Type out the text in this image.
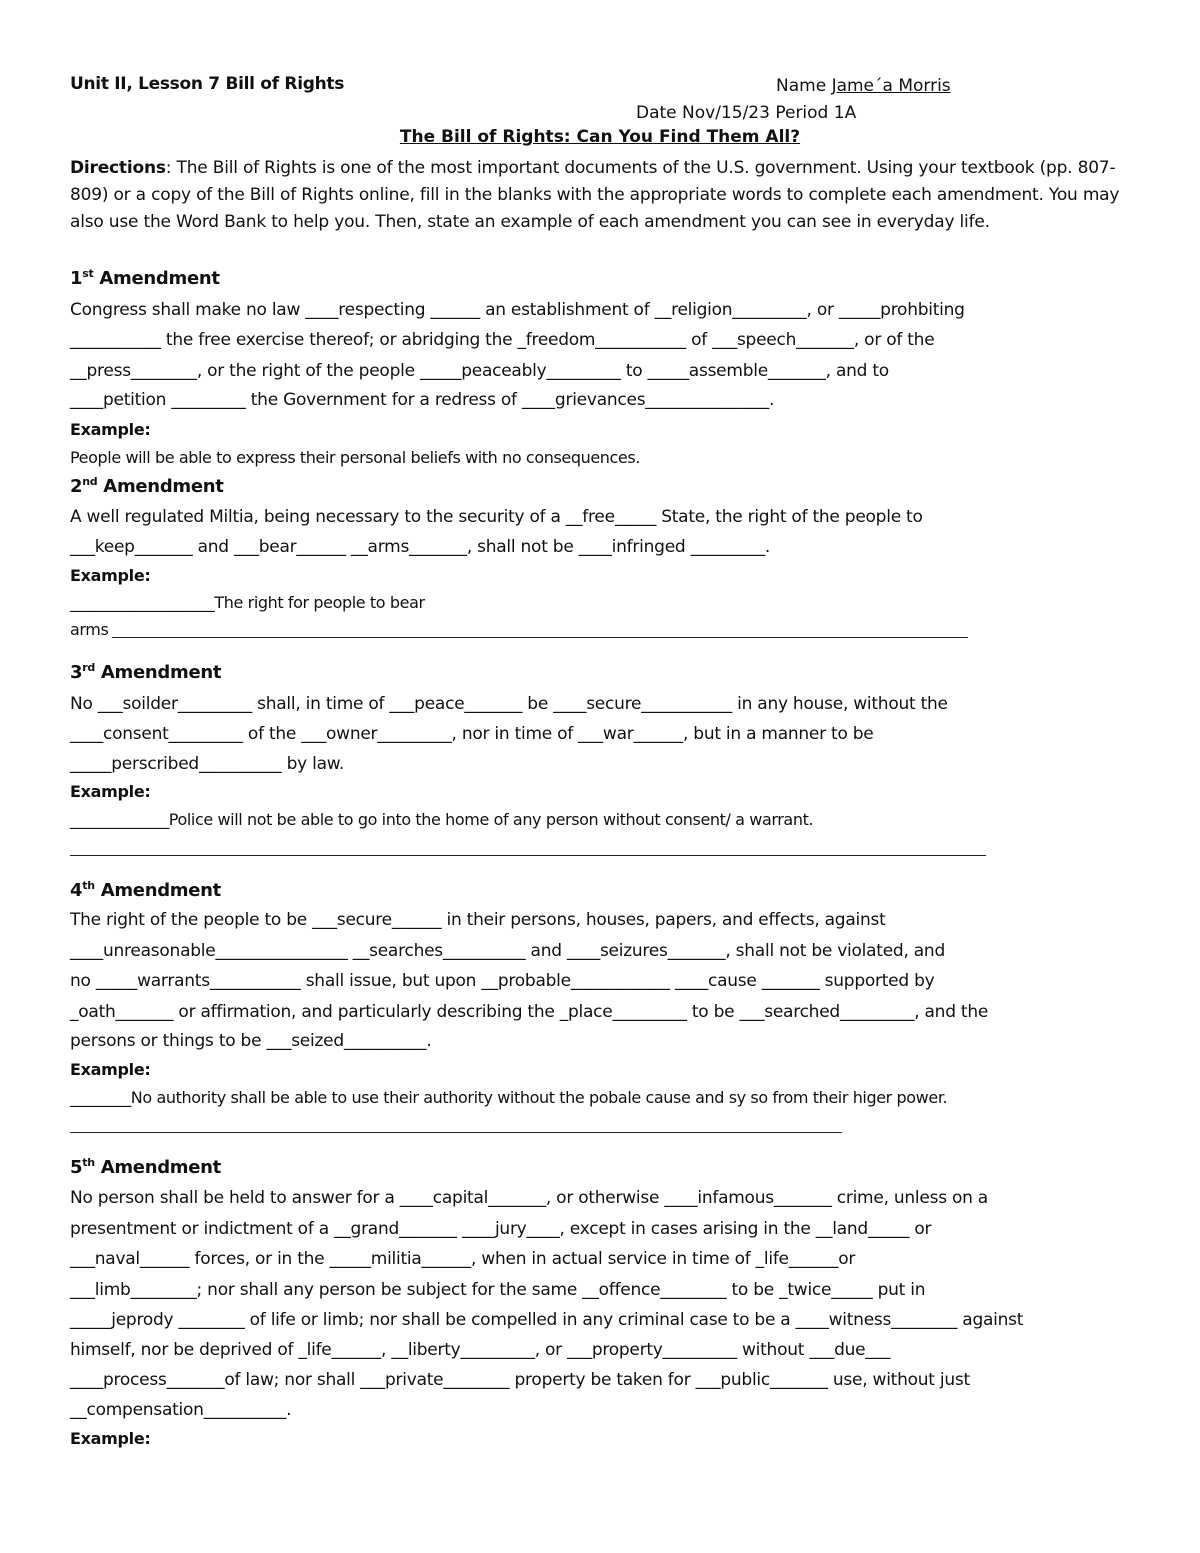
Unit II, Lesson 7 Bill of Rights	Name Jame´a Morris
Date Nov/15/23 Period 1A
The Bill of Rights: Can You Find Them All?
Directions: The Bill of Rights is one of the most important documents of the U.S. government. Using your textbook (pp. 807-809) or a copy of the Bill of Rights online, fill in the blanks with the appropriate words to complete each amendment. You may also use the Word Bank to help you. Then, state an example of each amendment you can see in everyday life.
1st Amendment
Congress shall make no law ____respecting ______ an establishment of __religion_________, or _____prohbiting
___________ the free exercise thereof; or abridging the _freedom___________ of ___speech_______, or of the
__press________, or the right of the people _____peaceably_________ to _____assemble_______, and to
____petition _________ the Government for a redress of ____grievances_______________.
Example:
People will be able to express their personal beliefs with no consequences.
2nd Amendment
A well regulated Miltia, being necessary to the security of a __free_____ State, the right of the people to
___keep_______ and ___bear______ __arms_______, shall not be ____infringed _________.
Example:
___________________The right for people to bear
arms
3rd Amendment
No ___soilder_________ shall, in time of ___peace_______ be ____secure___________ in any house, without the
____consent_________ of the ___owner_________, nor in time of ___war______, but in a manner to be
_____perscribed__________ by law.
Example:
_____________Police will not be able to go into the home of any person without consent/ a warrant.
4th Amendment
The right of the people to be ___secure______ in their persons, houses, papers, and effects, against
____unreasonable________________ __searches__________ and ____seizures_______, shall not be violated, and
no _____warrants___________ shall issue, but upon __probable____________ ____cause _______ supported by
_oath_______ or affirmation, and particularly describing the _place_________ to be ___searched_________, and the
persons or things to be ___seized__________.
Example:
________No authority shall be able to use their authority without the pobale cause and sy so from their higer power.
5th Amendment
No person shall be held to answer for a ____capital_______, or otherwise ____infamous_______ crime, unless on a
presentment or indictment of a __grand_______ ____jury____, except in cases arising in the __land_____ or
___naval______ forces, or in the _____militia______, when in actual service in time of _life______or
___limb________; nor shall any person be subject for the same __offence________ to be _twice_____ put in
_____jeprody ________ of life or limb; nor shall be compelled in any criminal case to be a ____witness________ against
himself, nor be deprived of _life______, __liberty_________, or ___property_________ without ___due___
____process_______of law; nor shall ___private________ property be taken for ___public_______ use, without just
__compensation__________.
Example:
